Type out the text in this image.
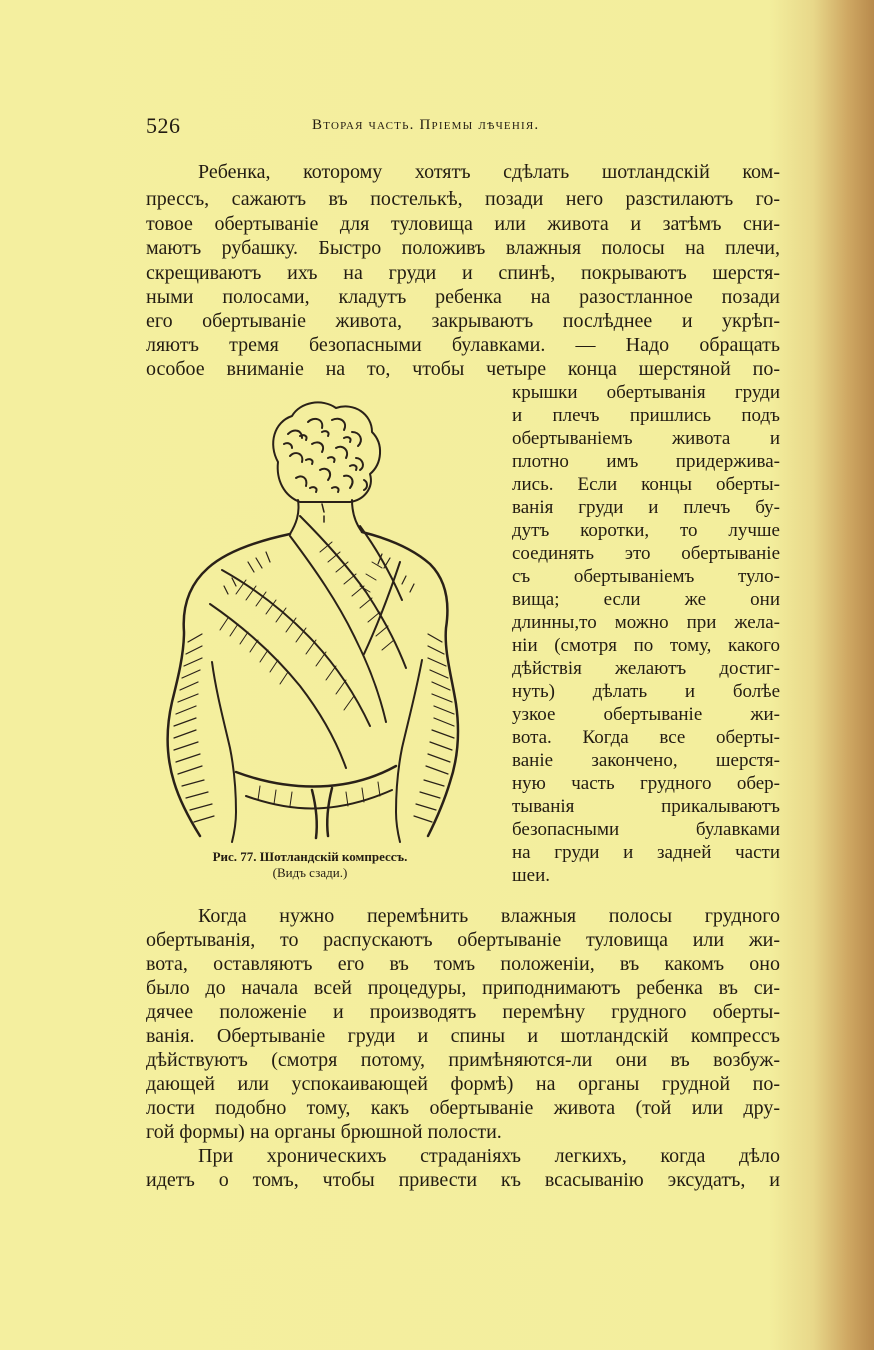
526	Вторая часть. Пріемы лѣченія.
Ребенка, которому хотятъ сдѣлать шотландскій ком-
прессъ, сажаютъ въ постелькѣ, позади него разстилаютъ го-
товое обертываніе для туловища или живота и затѣмъ сни-
маютъ рубашку. Быстро положивъ влажныя полосы на плечи,
скрещиваютъ ихъ на груди и спинѣ, покрываютъ шерстя-
ными полосами, кладутъ ребенка на разостланное позади
его обертываніе живота, закрываютъ послѣднее и укрѣп-
ляютъ тремя безопасными булавками. — Надо обращать
особое вниманіе на то, чтобы четыре конца шерстяной по-
крышки обертыванія груди
и плечъ пришлись подъ
обертываніемъ живота и
плотно имъ придержива-
лись. Если концы оберты-
ванія груди и плечъ бу-
дутъ коротки, то лучше
соединять это обертываніе
съ обертываніемъ туло-
вища; если же они
длинны,то можно при жела-
ніи (смотря по тому, какого
дѣйствія желаютъ достиг-
нуть) дѣлать и болѣе
узкое обертываніе жи-
вота. Когда все оберты-
ваніе закончено, шерстя-
ную часть грудного обер-
тыванія прикалываютъ
безопасными булавками
на груди и задней части
шеи.
Рис. 77. Шотландскій компрессъ.
(Видъ сзади.)
Когда нужно перемѣнить влажныя полосы грудного
обертыванія, то распускаютъ обертываніе туловища или жи-
вота, оставляютъ его въ томъ положеніи, въ какомъ оно
было до начала всей процедуры, приподнимаютъ ребенка въ си-
дячее положеніе и производятъ перемѣну грудного оберты-
ванія. Обертываніе груди и спины и шотландскій компрессъ
дѣйствуютъ (смотря потому, примѣняются-ли они въ возбуж-
дающей или успокаивающей формѣ) на органы грудной по-
лости подобно тому, какъ обертываніе живота (той или дру-
гой формы) на органы брюшной полости.
При хроническихъ страданіяхъ легкихъ, когда дѣло
идетъ о томъ, чтобы привести къ всасыванію эксудатъ, и
